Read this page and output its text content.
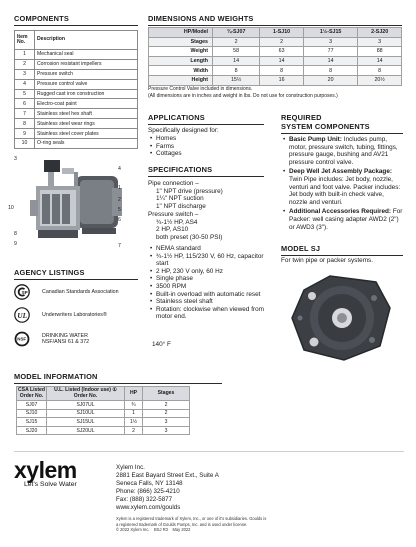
COMPONENTS
Item No.	Description
1	Mechanical seal
2	Corrosion resistant impellers
3	Pressure switch
4	Pressure control valve
5	Rugged cast iron construction
6	Electro-coat paint
7	Stainless steel hex shaft
8	Stainless steel wear rings
9	Stainless steel cover plates
10	O-ring seals
3
4
1
2
10	5
6
7
8
9
AGENCY LISTINGS
SP	Canadian Standards Association
UL	Underwriters Laboratories®
NSF
DRINKING WATER
NSF/ANSI 61 & 372
MODEL INFORMATION
CSA Listed Order No.	U.L. Listed (Indoor use) ① Order No.	HP	Stages
SJ07	SJ07UL	¾	2
SJ10	SJ10UL	1	2
SJ15	SJ15UL	1½	3
SJ20	SJ20UL	2	3
DIMENSIONS AND WEIGHTS
HP/Model	¾-SJ07	1-SJ10	1½-SJ15	2-SJ20
Stages	2	2	3	3
Weight	58	63	77	88
Length	14	14	14	14
Width	8	8	8	8
Height	15½	16	20	20½
Pressure Control Valve included in dimensions.
(All dimensions are in inches and weight in lbs. Do not use for construction purposes.)
APPLICATIONS
Specifically designed for:
• Homes
• Farms
• Cottages
SPECIFICATIONS
Pipe connection –
1" NPT drive (pressure)
1¼" NPT suction
1" NPT discharge
Pressure switch –
¾-1½ HP, AS4
2 HP, AS10
both preset (30-50 PSI)
• NEMA standard
• ¾-1½ HP, 115/230 V, 60 Hz, capacitor start
• 2 HP, 230 V only, 60 Hz
• Single phase
• 3500 RPM
• Built-in overload with automatic reset
• Stainless steel shaft
• Rotation: clockwise when viewed from motor end.
140° F
REQUIRED
SYSTEM COMPONENTS
• Basic Pump Unit: Includes pump, motor, pressure switch, tubing, fittings, pressure gauge, bushing and AV21 pressure control valve.
• Deep Well Jet Assembly Package: Twin Pipe includes: Jet body, nozzle, venturi and foot valve. Packer includes: Jet body with built-in check valve, nozzle and venturi.
• Additional Accessories Required: For Packer: well casing adapter AWD2 (2") or AWD3 (3").
MODEL SJ
For twin pipe or packer systems.
xylem
Let's Solve Water
Xylem Inc.
2881 East Bayard Street Ext., Suite A
Seneca Falls, NY 13148
Phone: (866) 325-4210
Fax: (888) 322-5877
www.xylem.com/goulds
Xylem is a registered trademark of Xylem, Inc., or one of it's subsidiaries. Goulds is
a registered trademark of Goulds Pumps, Inc. and is used under license.
© 2022 Xylem Inc.    BSJ R3    May 2022
